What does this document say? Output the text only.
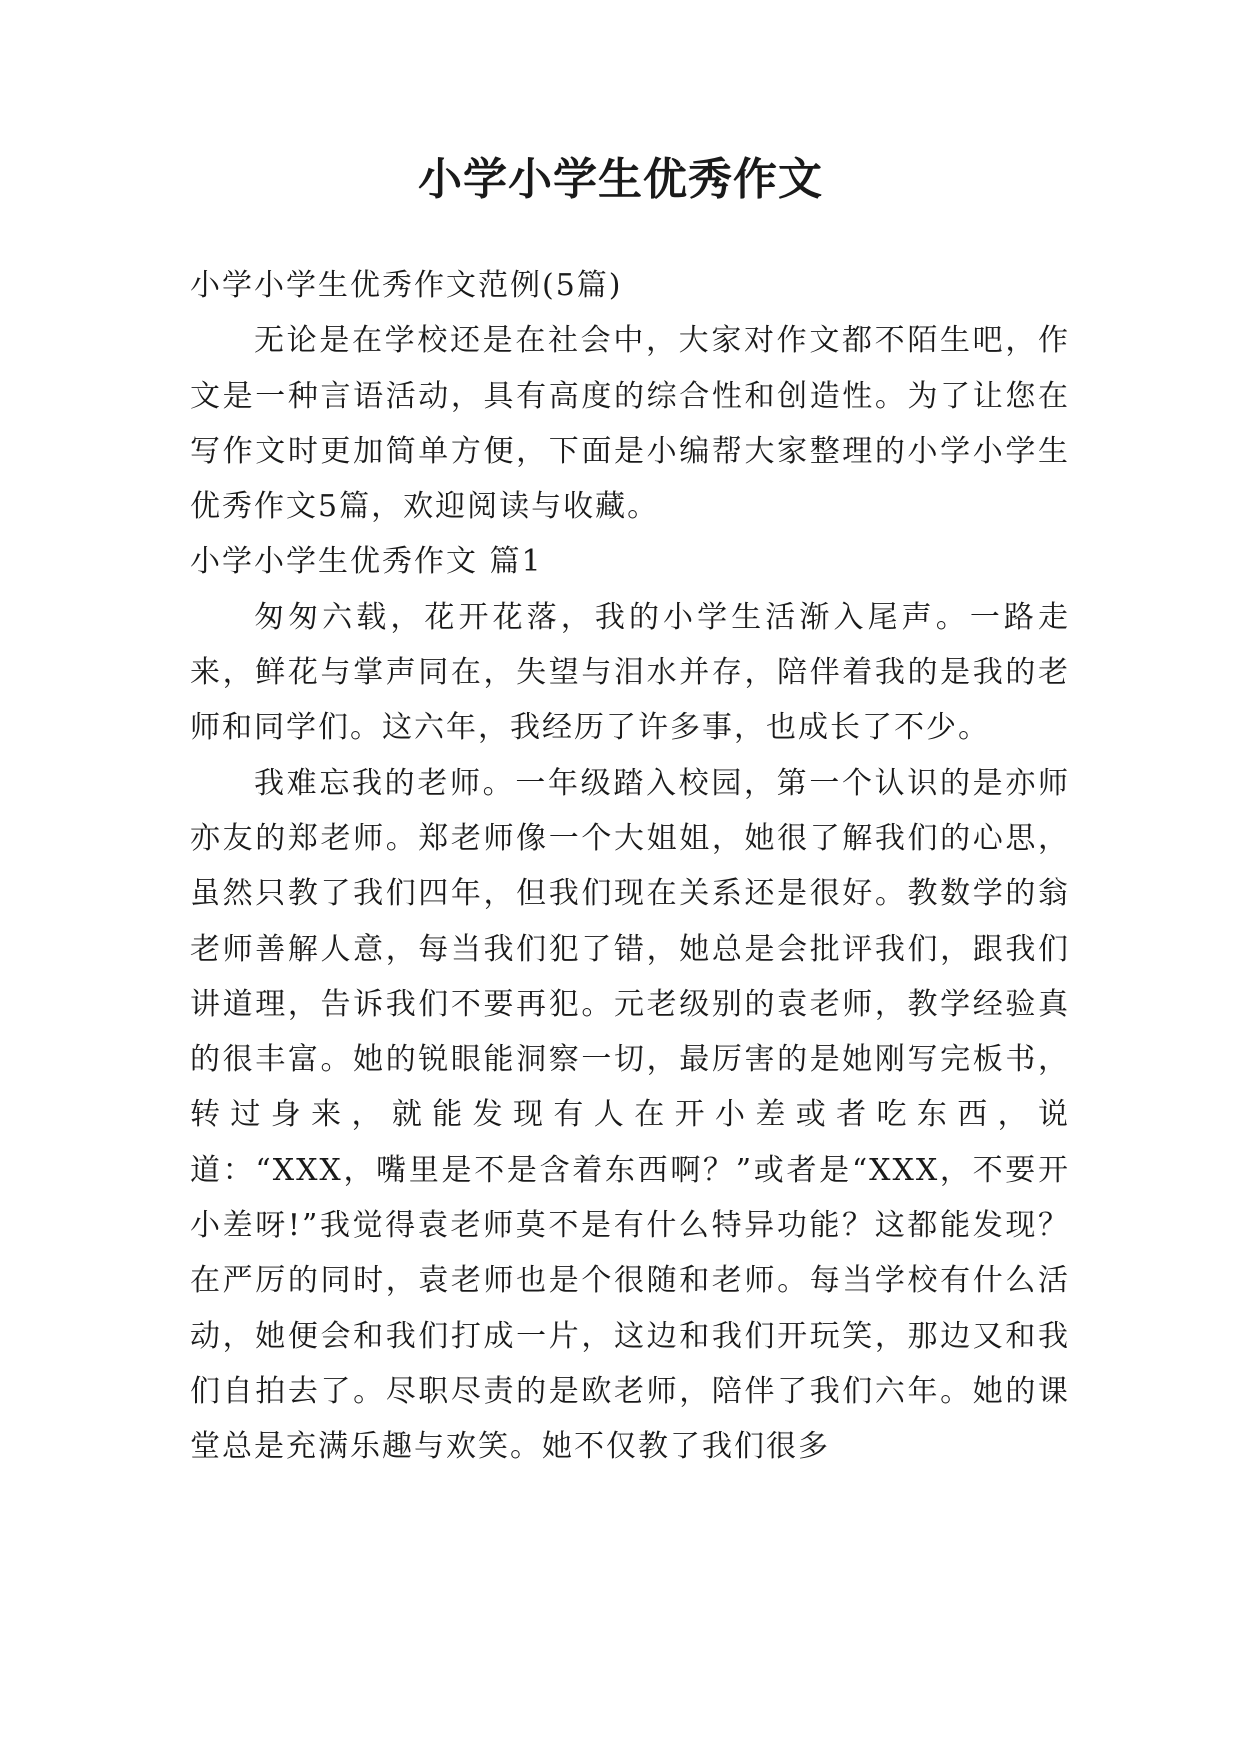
小学小学生优秀作文

小学小学生优秀作文范例(5篇)

无论是在学校还是在社会中，大家对作文都不陌生吧，作文是一种言语活动，具有高度的综合性和创造性。为了让您在写作文时更加简单方便，下面是小编帮大家整理的小学小学生优秀作文5篇，欢迎阅读与收藏。

小学小学生优秀作文 篇1

匆匆六载，花开花落，我的小学生活渐入尾声。一路走来，鲜花与掌声同在，失望与泪水并存，陪伴着我的是我的老师和同学们。这六年，我经历了许多事，也成长了不少。

我难忘我的老师。一年级踏入校园，第一个认识的是亦师亦友的郑老师。郑老师像一个大姐姐，她很了解我们的心思，虽然只教了我们四年，但我们现在关系还是很好。教数学的翁老师善解人意，每当我们犯了错，她总是会批评我们，跟我们讲道理，告诉我们不要再犯。元老级别的袁老师，教学经验真的很丰富。她的锐眼能洞察一切，最厉害的是她刚写完板书，转过身来，就能发现有人在开小差或者吃东西，说道：“XXX，嘴里是不是含着东西啊？”或者是“XXX，不要开小差呀!”我觉得袁老师莫不是有什么特异功能？这都能发现？在严厉的同时，袁老师也是个很随和老师。每当学校有什么活动，她便会和我们打成一片，这边和我们开玩笑，那边又和我们自拍去了。尽职尽责的是欧老师，陪伴了我们六年。她的课堂总是充满乐趣与欢笑。她不仅教了我们很多
